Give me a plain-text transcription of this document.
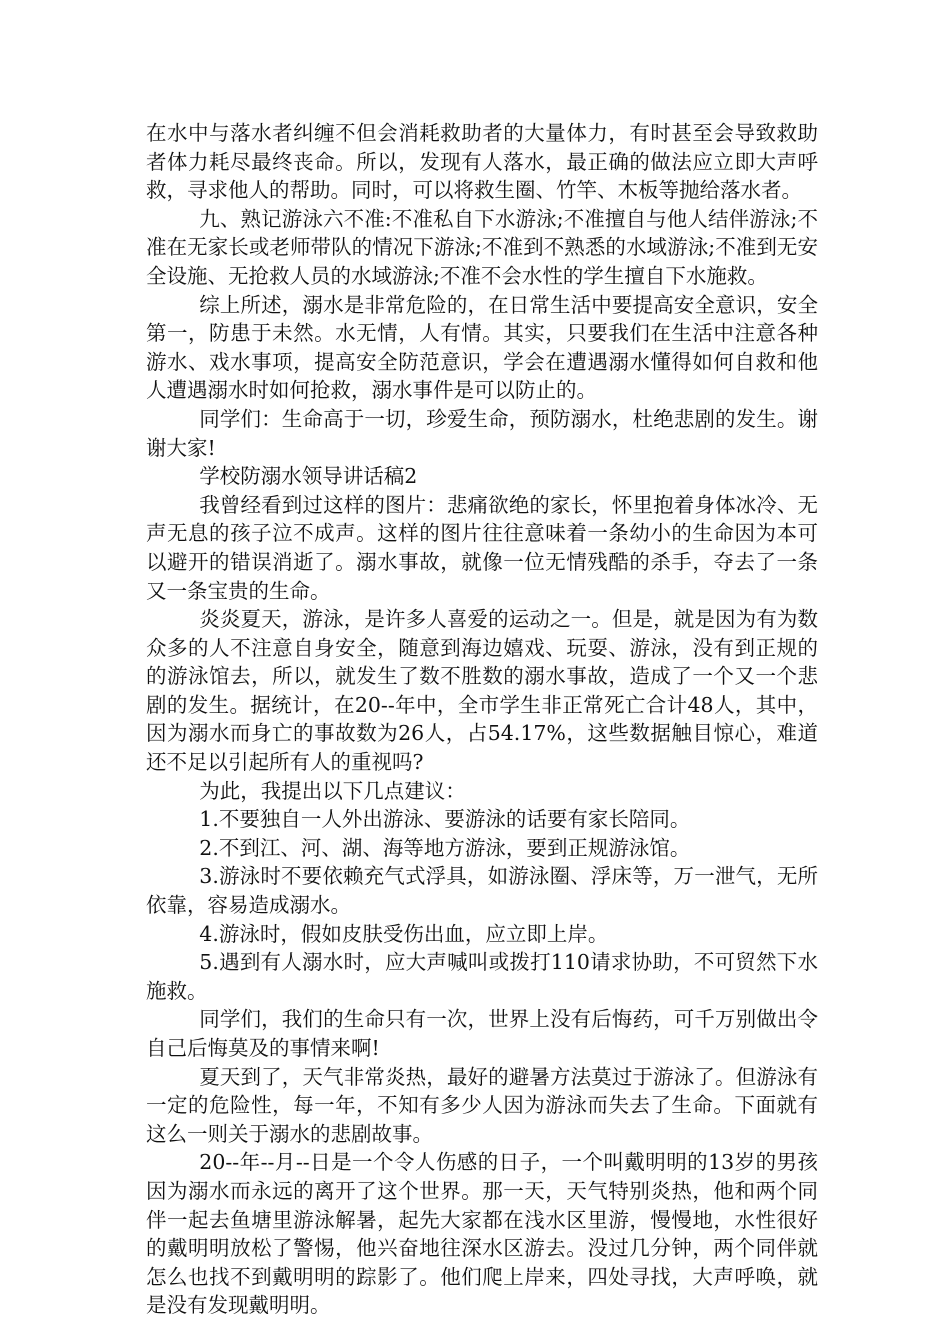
在水中与落水者纠缠不但会消耗救助者的大量体力，有时甚至会导致救助者体力耗尽最终丧命。所以，发现有人落水，最正确的做法应立即大声呼救，寻求他人的帮助。同时，可以将救生圈、竹竿、木板等抛给落水者。

九、熟记游泳六不准:不准私自下水游泳;不准擅自与他人结伴游泳;不准在无家长或老师带队的情况下游泳;不准到不熟悉的水域游泳;不准到无安全设施、无抢救人员的水域游泳;不准不会水性的学生擅自下水施救。

综上所述，溺水是非常危险的，在日常生活中要提高安全意识，安全第一，防患于未然。水无情，人有情。其实，只要我们在生活中注意各种游水、戏水事项，提高安全防范意识，学会在遭遇溺水懂得如何自救和他人遭遇溺水时如何抢救，溺水事件是可以防止的。

同学们：生命高于一切，珍爱生命，预防溺水，杜绝悲剧的发生。谢谢大家!

学校防溺水领导讲话稿2

我曾经看到过这样的图片：悲痛欲绝的家长，怀里抱着身体冰冷、无声无息的孩子泣不成声。这样的图片往往意味着一条幼小的生命因为本可以避开的错误消逝了。溺水事故，就像一位无情残酷的杀手，夺去了一条又一条宝贵的生命。

炎炎夏天，游泳，是许多人喜爱的运动之一。但是，就是因为有为数众多的人不注意自身安全，随意到海边嬉戏、玩耍、游泳，没有到正规的的游泳馆去，所以，就发生了数不胜数的溺水事故，造成了一个又一个悲剧的发生。据统计，在20--年中，全市学生非正常死亡合计48人，其中，因为溺水而身亡的事故数为26人，占54.17%，这些数据触目惊心，难道还不足以引起所有人的重视吗?

为此，我提出以下几点建议：

1.不要独自一人外出游泳、要游泳的话要有家长陪同。

2.不到江、河、湖、海等地方游泳，要到正规游泳馆。

3.游泳时不要依赖充气式浮具，如游泳圈、浮床等，万一泄气，无所依靠，容易造成溺水。

4.游泳时，假如皮肤受伤出血，应立即上岸。

5.遇到有人溺水时，应大声喊叫或拨打110请求协助，不可贸然下水施救。

同学们，我们的生命只有一次，世界上没有后悔药，可千万别做出令自己后悔莫及的事情来啊!

夏天到了，天气非常炎热，最好的避暑方法莫过于游泳了。但游泳有一定的危险性，每一年，不知有多少人因为游泳而失去了生命。下面就有这么一则关于溺水的悲剧故事。

20--年--月--日是一个令人伤感的日子，一个叫戴明明的13岁的男孩因为溺水而永远的离开了这个世界。那一天，天气特别炎热，他和两个同伴一起去鱼塘里游泳解暑，起先大家都在浅水区里游，慢慢地，水性很好的戴明明放松了警惕，他兴奋地往深水区游去。没过几分钟，两个同伴就怎么也找不到戴明明的踪影了。他们爬上岸来，四处寻找，大声呼唤，就是没有发现戴明明。
